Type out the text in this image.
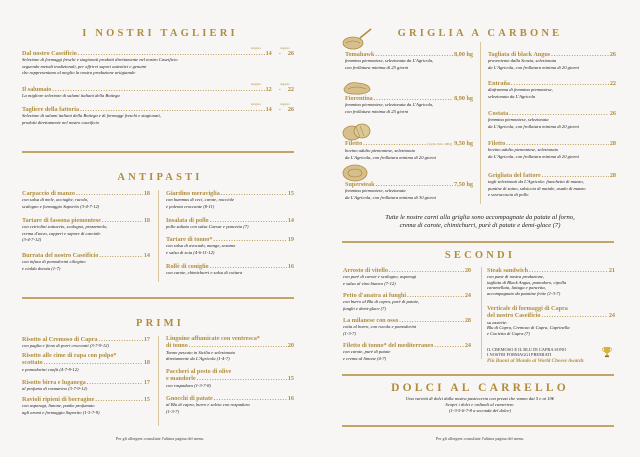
I NOSTRI TAGLIERI
singolo	doppio
Dal nostro Caseificio .....	14 - 26
Selezione di formaggi freschi e stagionati prodotti direttamente nel nostro Caseificio
seguendo metodi tradizionali, per offrirvi sapori autentici e genuini
che rappresentano al meglio la nostra produzione artigianale
singolo	doppio
Il salumaio .....	12 - 22
La migliore selezione di salumi italiani della Bottega
singolo	doppio
Tagliere della fattoria .....	14 - 26
Selezione di salumi italiani della Bottega e di formaggi freschi e stagionati,
prodotti direttamente nel nostro caseificio
ANTIPASTI
Carpaccio di manzo .....	18
con salsa di mele, acciughe, rucola,
scalogno e formaggio Saporito (3-4-7-12)
Tartare di fassona piemontese .....	18
con cetriolini sottaceto, scalogno, prezzemolo,
crema d'uovo, capperi e sapore di carciale
(3-4-7-12)
Burrata del nostro Caseificio .....	14
con infuso di pomodorini ciliegino
e cialda dorata (1-7)
Giardino meraviglia .....	15
con hummus di ceci, carote, nocciole
e polenta croccante (8-11)
Insalata di pollo .....	14
pollo saltato con salsa Caesar e pancetta (7)
Tartare di tonno* .....	19
con salsa di avocado, mango, sesamo
e salsa di soia (4-6-11-12)
Rollè di coniglio .....	16
con carote, chimichurri e salsa di cottura
PRIMI
Risotto al Cremoso di Capra .....	17
con paglia e fieno di porri croccanti (3-7-9-12)
Risotto alle cime di rapa con polpo*
scottato .....	18
e pomodorini confit (4-7-9-12)
Risotto birra e luganega .....	17
al profumo di rosmarino (3-7-9-12)
Ravioli ripieni di borragine .....	15
con asparagi, limone, panko profumato
agli aromi e formaggio Saporito (1-3-7-9)
Linguine affumicate con ventresca*
di tonno .....	20
Tonno pescato in Sicilia e selezionato
direttamente da L'Agricola (1-4-7)
Paccheri al pesto di olive
e mandorle .....	15
con raspadura (1-3-7-8)
Gnocchi di patate .....	16
al Blu di capra, burro e salvia con raspadura
(1-3-7)
Per gli allergeni consultate l'ultima pagina del menu.
GRIGLIA A CARBONE
Tomahawk .....	8,00 hg
femmina piemontese, selezionata da L'Agricola,
con frollatura minima di 25 giorni
Fiorentina .....	8,90 hg
femmina piemontese, selezionata da L'Agricola,
con frollatura minima di 25 giorni
Filetto .....	(taglio min. 400g) 9,50 hg
bovino adulto piemontese, selezionato
da L'Agricola, con frollatura minima di 20 giorni
Supersteak .....	7,50 hg
femmina piemontese, selezionata
da L'Agricola, con frollatura minima di 30 giorni
Tagliata di black Angus .....	26
proveniente dalla Scozia, selezionata
da L'Agricola, con frollatura minima di 20 giorni
Entraña .....	22
diaframma di femmina piemontese,
selezionata da L'Agricola
Costata .....	26
femmina piemontese, selezionata
da L'Agricola, con frollatura minima di 20 giorni
Filetto .....	28
bovino adulto piemontese, selezionato
da L'Agricola, con frollatura minima di 20 giorni
Grigliata del fattore .....	28
tagli selezionati da L'Agricola: fianchetto di manzo,
puntine di suino, salsiccia di maiale, asado di manzo
e sovracoscia di pollo
Tutte le nostre carni alla griglia sono accompagnate da patate al forno,
crema di carote, chimichurri, purè di patate e demi-glace (7)
SECONDI
Arrosto di vitello .....	20
con purè di carote e scalogno, asparagi
e salsa al vino bianco (7-12)
Petto d'anatra ai funghi .....	24
con burro al Blu di capra, purè di patate,
funghi e demi-glace (7)
La milanese con osso .....	28
cotta al burro, con rucola e pomodorini
(1-3-7)
Filetto di tonno* del mediterraneo .....	24
con carote, purè di patate
e crema al limone (4-7)
Steak sandwich .....	21
con pane di nostra produzione,
tagliata di Black Angus, pomodoro, cipolla
caramellata, lattuga e pancetta,
accompagnato da patatine fritte (1-3-7)
Verticale di formaggi di Capra
del nostro Caseificio .....	24
su assiette:
Blu di Capra, Cremoso di Capra, Caprinella
e Cacietta di Capra (7)
IL CREMOSO E IL BLU DI CAPRA SONO
I NOSTRI FORMAGGI PREMIATI
Più Buoni al Mondo al World Cheese Awards
DOLCI AL CARRELLO
Una varietà di dolci dalla nostra pasticceria con prezzi che vanno dai 5 e ai 10€
Scopri i dolci e ordinali al cameriere.
(1-3-5-6-7-8 a seconda del dolce)
Per gli allergeni consultate l'ultima pagina del menu.
